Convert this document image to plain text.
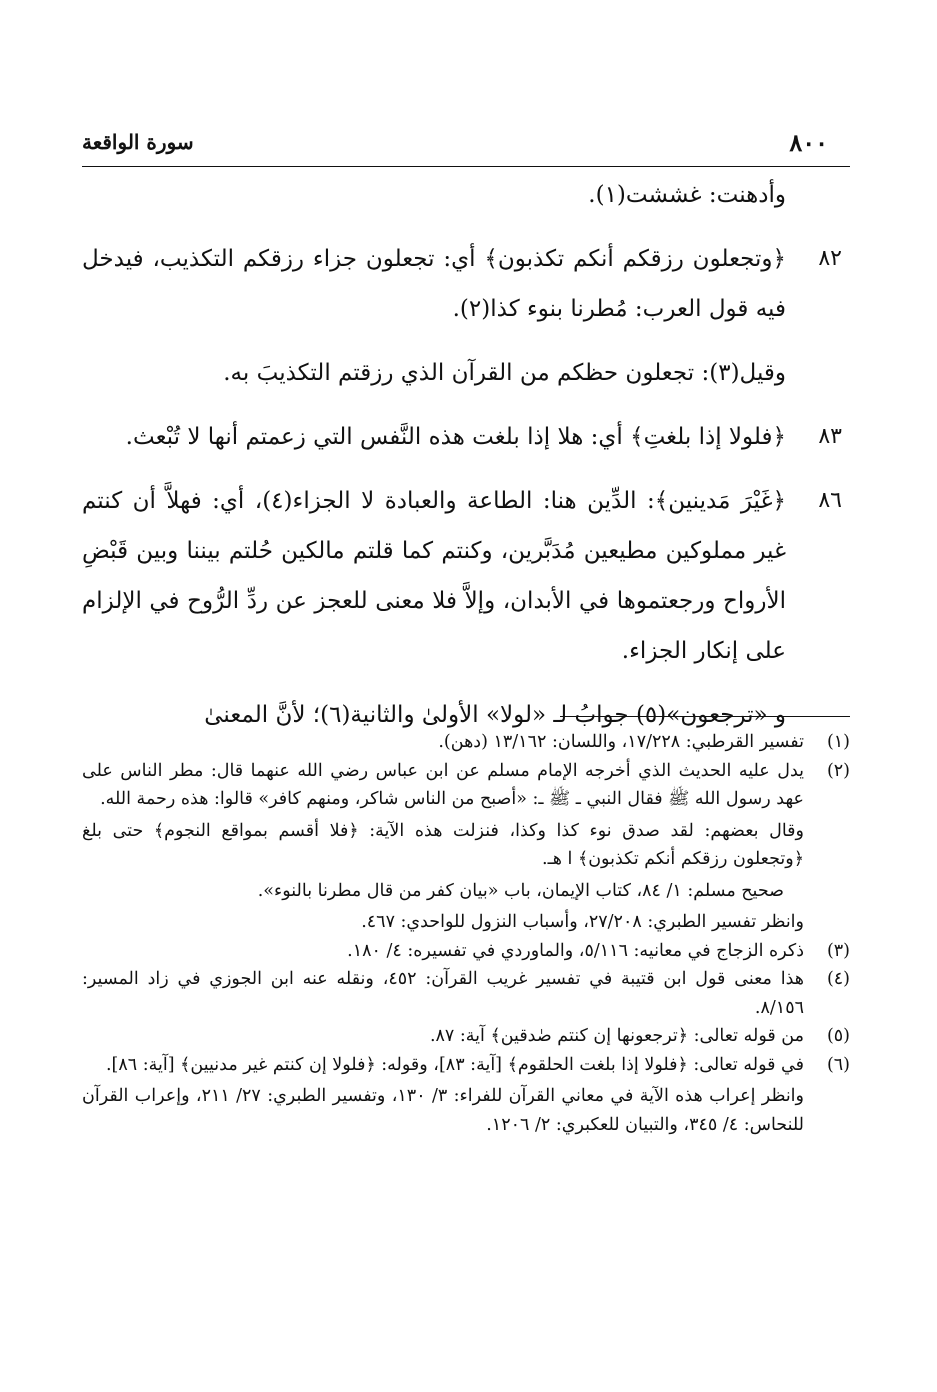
٨٠٠
سورة الواقعة
وأدهنت: غششت(١).
٨٢
﴿وتجعلون رزقكم أنكم تكذبون﴾ أي: تجعلون جزاء رزقكم التكذيب، فيدخل فيه قول العرب: مُطرنا بنوء كذا(٢).
وقيل(٣): تجعلون حظكم من القرآن الذي رزقتم التكذيبَ به.
٨٣
﴿فلولا إذا بلغتِ﴾ أي: هلا إذا بلغت هذه النَّفس التي زعمتم أنها لا تُبْعث.
٨٦
﴿غَيْرَ مَدينين﴾: الدِّين هنا: الطاعة والعبادة لا الجزاء(٤)، أي: فهلاَّ أن كنتم غير مملوكين مطيعين مُدَبَّرين، وكنتم كما قلتم مالكين حُلتم بيننا وبين قَبْضِ الأرواح ورجعتموها في الأبدان، وإلاَّ فلا معنى للعجز عن ردِّ الرُّوح في الإلزام على إنكار الجزاء.
و «ترجعون»(٥) جوابُ لـ «لولا» الأولىٰ والثانية(٦)؛ لأنَّ المعنىٰ
(١)
تفسير القرطبي: ١٧/٢٢٨، واللسان: ١٣/١٦٢ (دهن).
(٢)
يدل عليه الحديث الذي أخرجه الإمام مسلم عن ابن عباس رضي الله عنهما قال: مطر الناس على عهد رسول الله ﷺ فقال النبي ـ ﷺ ـ: «أصبح من الناس شاكر، ومنهم كافر» قالوا: هذه رحمة الله.
وقال بعضهم: لقد صدق نوء كذا وكذا، فنزلت هذه الآية: ﴿فلا أقسم بمواقع النجوم﴾ حتى بلغ ﴿وتجعلون رزقكم أنكم تكذبون﴾ ا هـ.
صحيح مسلم: ١/ ٨٤، كتاب الإيمان، باب «بيان كفر من قال مطرنا بالنوء».
وانظر تفسير الطبري: ٢٧/٢٠٨، وأسباب النزول للواحدي: ٤٦٧.
(٣)
ذكره الزجاج في معانيه: ٥/١١٦، والماوردي في تفسيره: ٤/ ١٨٠.
(٤)
هذا معنى قول ابن قتيبة في تفسير غريب القرآن: ٤٥٢، ونقله عنه ابن الجوزي في زاد المسير: ٨/١٥٦.
(٥)
من قوله تعالى: ﴿ترجعونها إن كنتم صٰدقين﴾ آية: ٨٧.
(٦)
في قوله تعالى: ﴿فلولا إذا بلغت الحلقوم﴾ [آية: ٨٣]، وقوله: ﴿فلولا إن كنتم غير مدنيين﴾ [آية: ٨٦].
وانظر إعراب هذه الآية في معاني القرآن للفراء: ٣/ ١٣٠، وتفسير الطبري: ٢٧/ ٢١١، وإعراب القرآن للنحاس: ٤/ ٣٤٥، والتبيان للعكبري: ٢/ ١٢٠٦.
